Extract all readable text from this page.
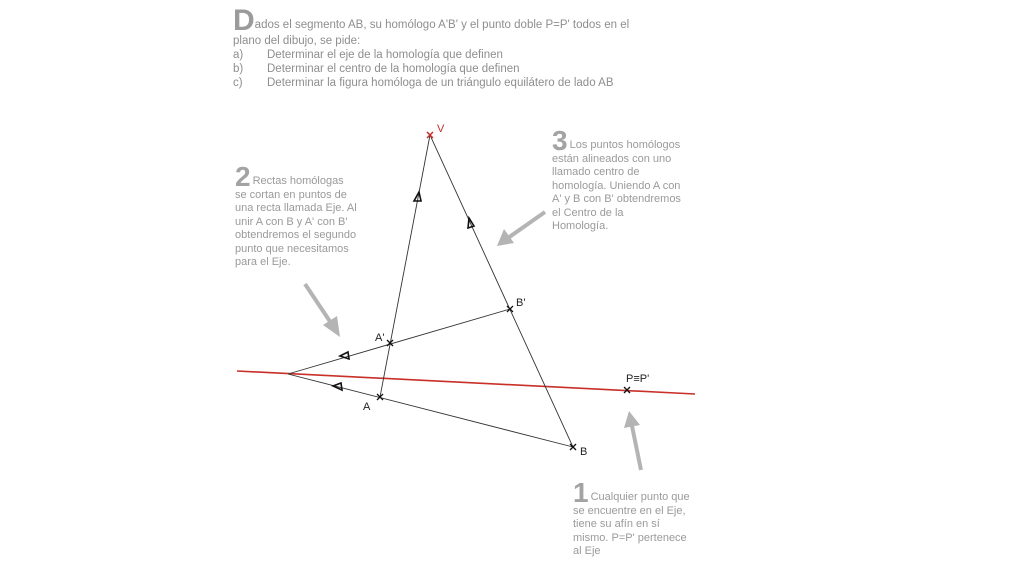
Dados el segmento AB, su homólogo A'B' y el punto doble P=P' todos en el plano del dibujo, se pide:
a)	Determinar el eje de la homología que definen
b)	Determinar el centro de la homología que definen
c)	Determinar la figura homóloga de un triángulo equilátero de lado AB
2 Rectas homólogas se cortan en puntos de una recta llamada Eje. Al unir A con B y A' con B' obtendremos el segundo punto que necesitamos para el Eje.
3 Los puntos homólogos están alineados con uno llamado centro de homología. Uniendo A con A' y B con B' obtendremos el Centro de la Homología.
1 Cualquier punto que se encuentre en el Eje, tiene su afín en sí mismo. P=P' pertenece al Eje
V
B'
A'
A
B
P≡P'
